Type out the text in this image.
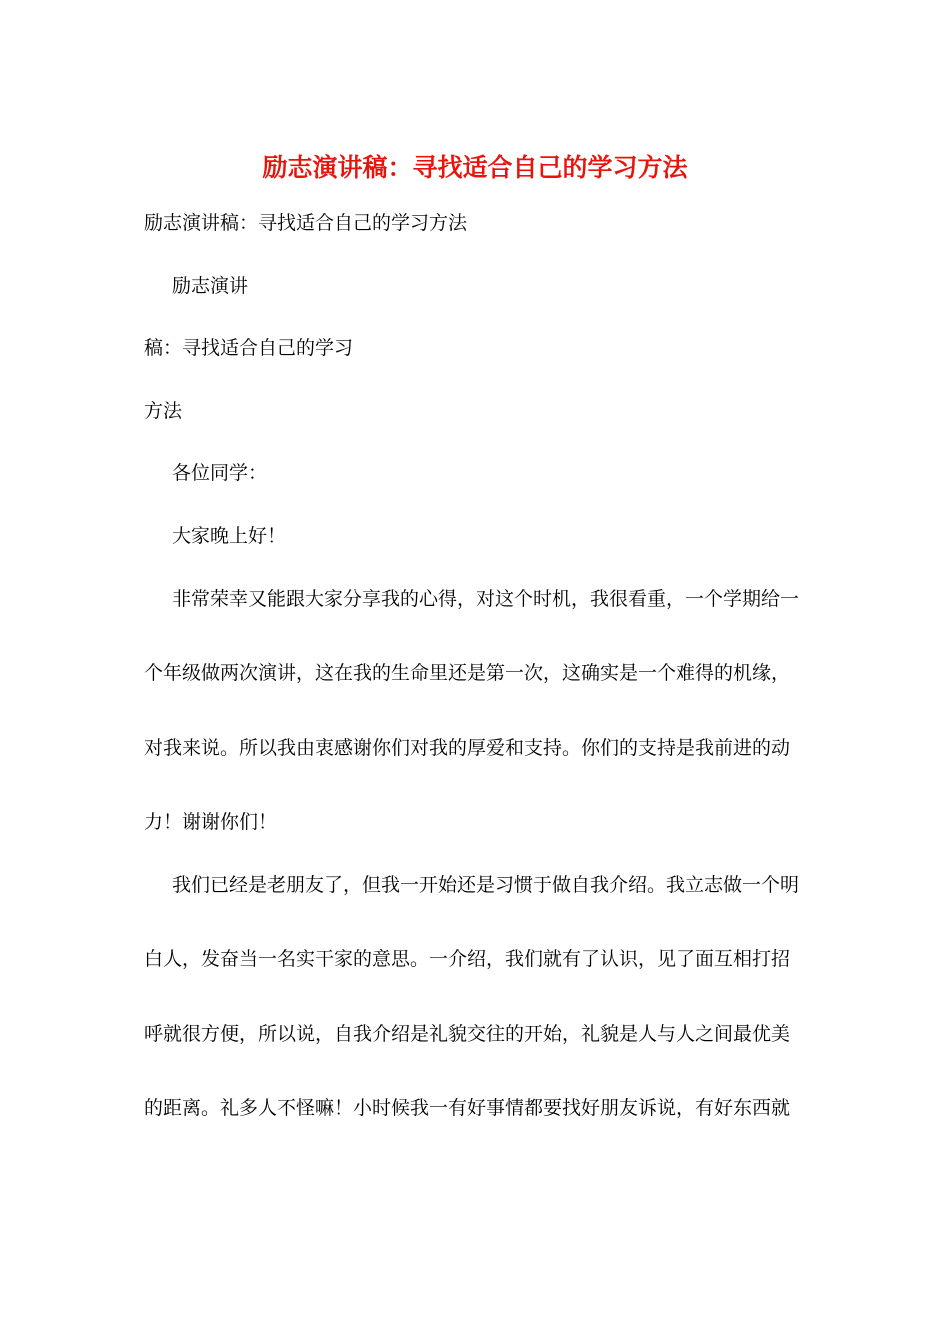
励志演讲稿：寻找适合自己的学习方法
励志演讲稿：寻找适合自己的学习方法
励志演讲
稿：寻找适合自己的学习
方法
各位同学：
大家晚上好！
非常荣幸又能跟大家分享我的心得，对这个时机，我很看重，一个学期给一
个年级做两次演讲，这在我的生命里还是第一次，这确实是一个难得的机缘，
对我来说。所以我由衷感谢你们对我的厚爱和支持。你们的支持是我前进的动
力！谢谢你们！
我们已经是老朋友了，但我一开始还是习惯于做自我介绍。我立志做一个明
白人，发奋当一名实干家的意思。一介绍，我们就有了认识，见了面互相打招
呼就很方便，所以说，自我介绍是礼貌交往的开始，礼貌是人与人之间最优美
的距离。礼多人不怪嘛！小时候我一有好事情都要找好朋友诉说，有好东西就
